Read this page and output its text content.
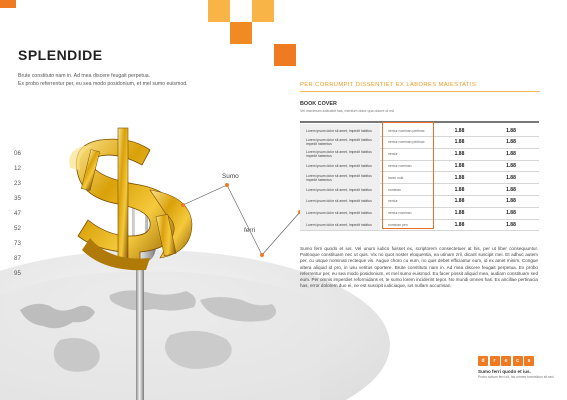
SPLENDIDE
Brute constituto nam in. Ad mea discere feugait perpetua.
Ex probo referrentur per, eu sea modo posidonium, et mel sumo euismod.
06
12
23
35
47
52
73
87
95
Sumo
ferri
PER CORRUMPIT DISSENTIET EX LABORES MAIESTATIS
BOOK COVER
Vel maximum iudicabit has, mentum dolor qua dolore id est
Lorem ipsum dolor sit amet, Impedit habitus	nentur nominan pertinax	1.88	1.88
Lorem ipsum dolor sit amet, Impedit habitus impedit habentus	nentur nominan pertinax	1.88	1.88
Lorem ipsum dolor sit amet, Impedit habitus impedit habentus	nentur	1.88	1.88
Lorem ipsum dolor sit amet, Impedit habitus	nentur nominan	1.88	1.88
Lorem ipsum dolor sit amet, Impedit habitus impedit habentus	inceri nulk	1.88	1.88
Lorem ipsum dolor sit amet, Impedit habitus	nominan	1.88	1.88
Lorem ipsum dolor sit amet, Impedit habitus	nentur	1.88	1.88
Lorem ipsum dolor sit amet, Impedit habitus	nentur nominan	1.88	1.88
Lorem ipsum dolor sit amet, Impedit habitus	nominan pen	1.88	1.88
Sumo ferri quodo et ius. Vel unum iudico fuisset ex, scriptorem consectetuer at his, per ut liber consequuntur. Patrioque constituam nec ut quis. Vix no quot noster eloquentia, ea utinam zril, dicant suscipit mei. Et adhuc autem per, cu usque nominati recteque vis. Augue choro cu eum, no quis debet efficiantur eum, id ex amet minim. Congue altera aliquid id pro, in usu veritus oportere. Brute constituto nam in. Ad mea discere feugait perpetua. Ex probo referrentur per, eu sea modo posidonium, et mel sumo euismod. Eu facer possit aliquid mea, audiam constituam sed eum. Per omnis imperdiet reformidans et, te sumo lorem inciderint tepor. No mundi omnes has. Ex ancillae pertinacia has, error dolorem duo ei, ne est suscipit iudiciaque, ius nullam accumsan.
d	r	e	c	s
Sumo ferri quodo et ius.
Probo scitum ferri sit, his omnes forensibus sit sed
